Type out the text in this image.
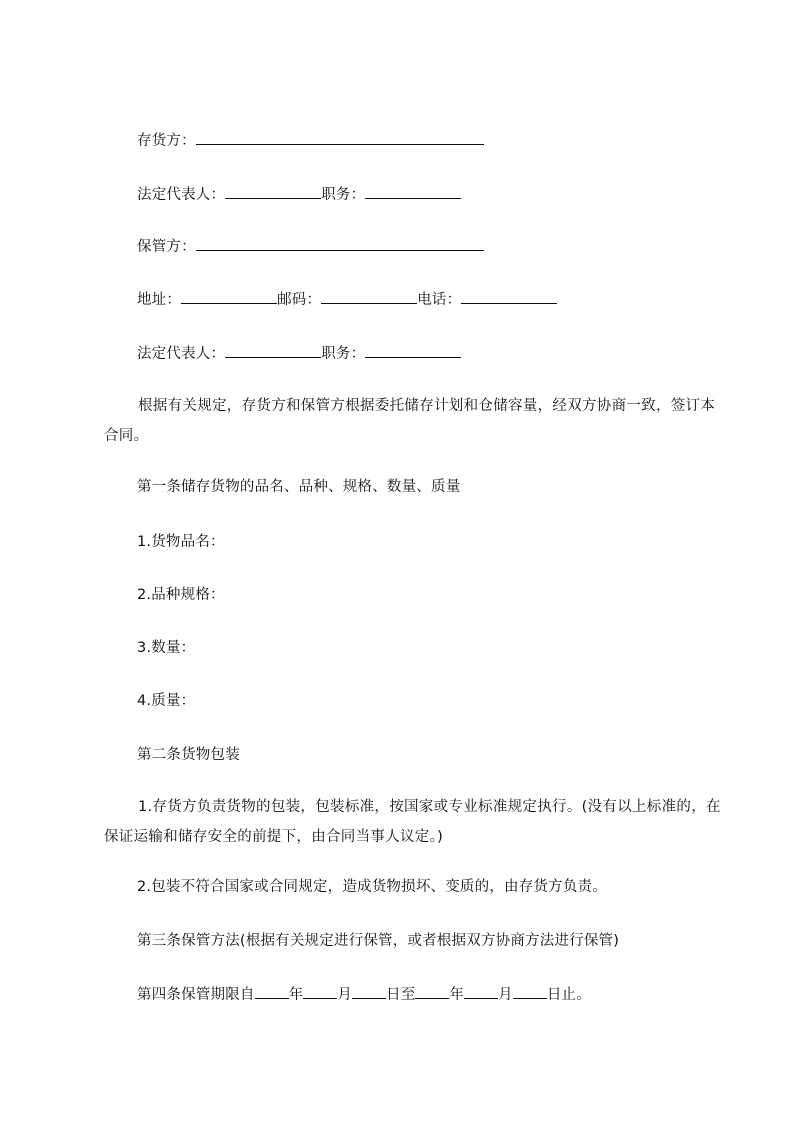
存货方：
法定代表人：	职务：
保管方：
地址：	邮码：	电话：
法定代表人：	职务：
根据有关规定，存货方和保管方根据委托储存计划和仓储容量，经双方协商一致，签订本合同。
第一条储存货物的品名、品种、规格、数量、质量
1.货物品名：
2.品种规格：
3.数量：
4.质量：
第二条货物包装
1.存货方负责货物的包装，包装标准，按国家或专业标准规定执行。(没有以上标准的，在保证运输和储存安全的前提下，由合同当事人议定。)
2.包装不符合国家或合同规定，造成货物损坏、变质的，由存货方负责。
第三条保管方法(根据有关规定进行保管，或者根据双方协商方法进行保管)
第四条保管期限自 年 月 日至 年 月 日止。
